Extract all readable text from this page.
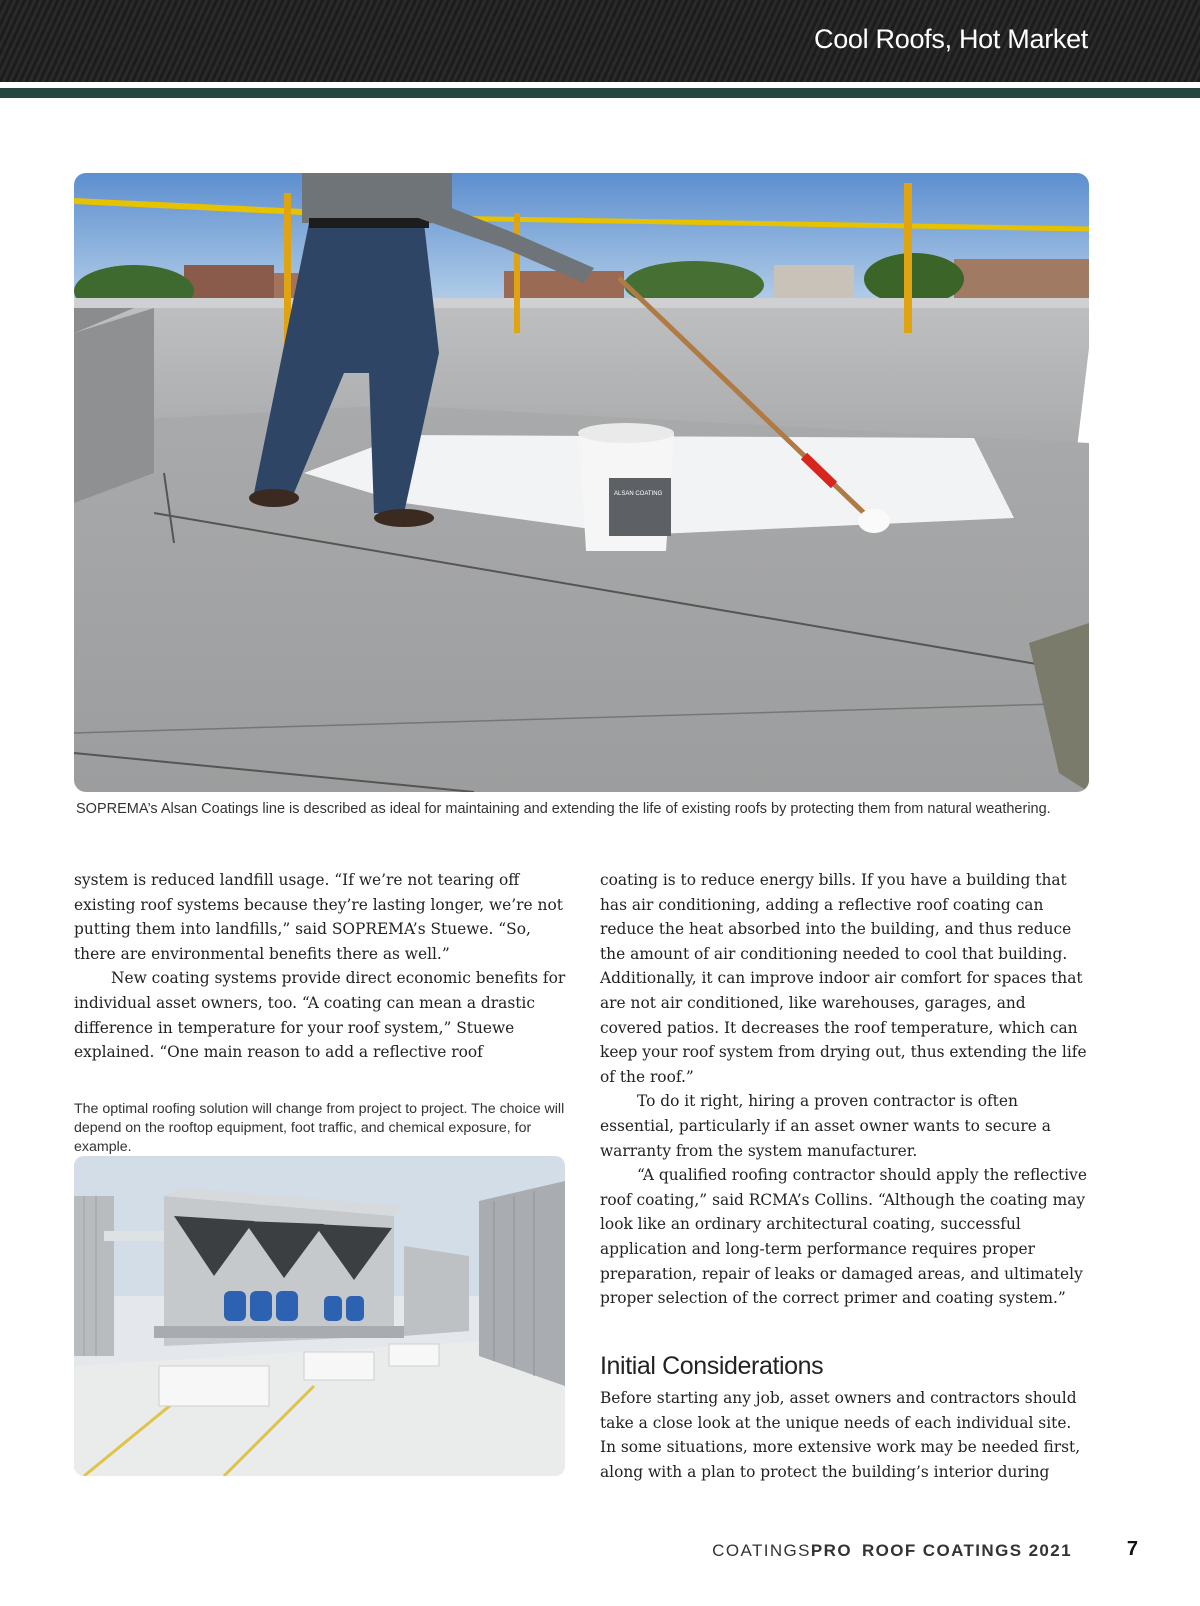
Cool Roofs, Hot Market
ALSAN COATING
SOPREMA’s Alsan Coatings line is described as ideal for maintaining and extending the life of existing roofs by protecting them from natural weathering.

system is reduced landfill usage. “If we’re not tearing off existing roof systems because they’re lasting longer, we’re not putting them into landfills,” said SOPREMA’s Stuewe. “So, there are environmental benefits there as well.”

New coating systems provide direct economic benefits for individual asset owners, too. “A coating can mean a drastic difference in temperature for your roof system,” Stuewe explained. “One main reason to add a reflective roof

The optimal roofing solution will change from project to project. The choice will depend on the rooftop equipment, foot traffic, and chemical exposure, for example.

coating is to reduce energy bills. If you have a building that has air conditioning, adding a reflective roof coating can reduce the heat absorbed into the building, and thus reduce the amount of air conditioning needed to cool that building. Additionally, it can improve indoor air comfort for spaces that are not air conditioned, like warehouses, garages, and covered patios. It decreases the roof temperature, which can keep your roof system from drying out, thus extending the life of the roof.”

To do it right, hiring a proven contractor is often essential, particularly if an asset owner wants to secure a warranty from the system manufacturer.

“A qualified roofing contractor should apply the reflective roof coating,” said RCMA’s Collins. “Although the coating may look like an ordinary architectural coating, successful application and long-term performance requires proper preparation, repair of leaks or damaged areas, and ultimately proper selection of the correct primer and coating system.”

Initial Considerations

Before starting any job, asset owners and contractors should take a close look at the unique needs of each individual site. In some situations, more extensive work may be needed first, along with a plan to protect the building’s interior during

COATINGSPRO ROOF COATINGS 2021	7
